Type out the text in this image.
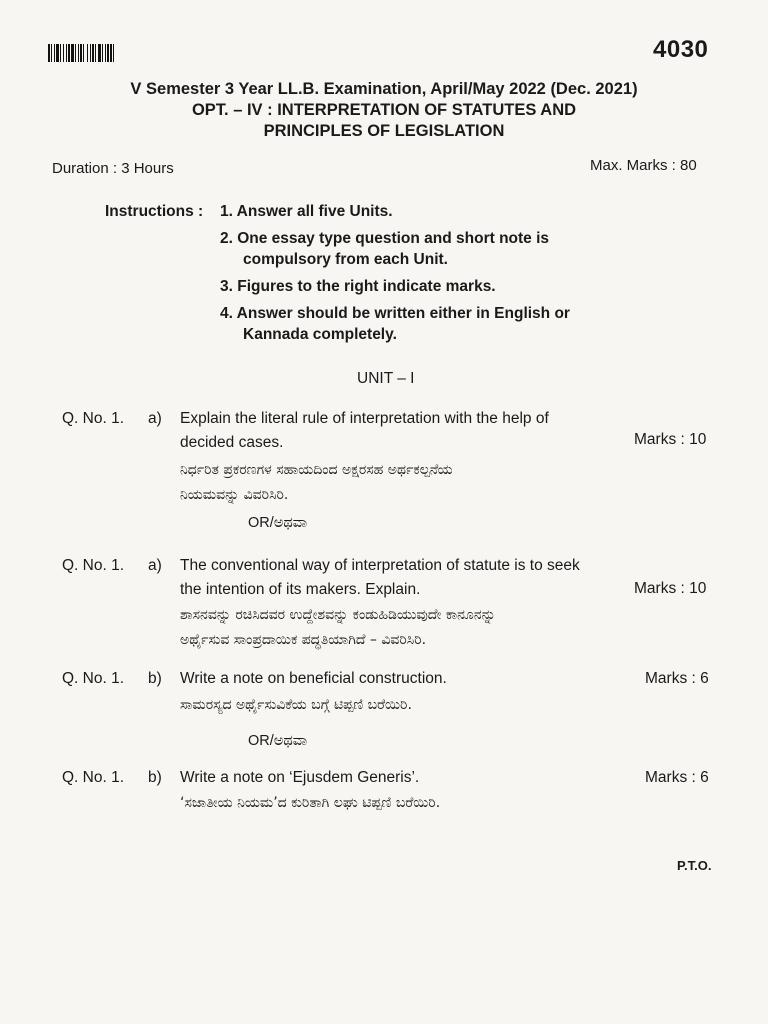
4030
V Semester 3 Year LL.B. Examination, April/May 2022 (Dec. 2021)
OPT. – IV : INTERPRETATION OF STATUTES AND
PRINCIPLES OF LEGISLATION
Duration : 3 Hours	Max. Marks : 80
Instructions : 1. Answer all five Units.
2. One essay type question and short note is
compulsory from each Unit.
3. Figures to the right indicate marks.
4. Answer should be written either in English or
Kannada completely.
UNIT – I
Q. No. 1. a) Explain the literal rule of interpretation with the help of
decided cases.	Marks : 10
ನಿರ್ಧರಿತ ಪ್ರಕರಣಗಳ ಸಹಾಯದಿಂದ ಅಕ್ಷರಸಹ ಅರ್ಥಕಲ್ಪನೆಯ
ನಿಯಮವನ್ನು ವಿವರಿಸಿರಿ.
OR/ಅಥವಾ
Q. No. 1. a) The conventional way of interpretation of statute is to seek
the intention of its makers. Explain.	Marks : 10
ಶಾಸನವನ್ನು ರಚಿಸಿದವರ ಉದ್ದೇಶವನ್ನು ಕಂಡುಹಿಡಿಯುವುದೇ ಕಾನೂನನ್ನು
ಅರ್ಥೈಸುವ ಸಾಂಪ್ರದಾಯಿಕ ಪದ್ಧತಿಯಾಗಿದೆ – ವಿವರಿಸಿರಿ.
Q. No. 1. b) Write a note on beneficial construction.	Marks : 6
ಸಾಮರಸ್ಯದ ಅರ್ಥೈಸುವಿಕೆಯ ಬಗ್ಗೆ ಟಿಪ್ಪಣಿ ಬರೆಯಿರಿ.
OR/ಅಥವಾ
Q. No. 1. b) Write a note on ‘Ejusdem Generis’.	Marks : 6
‘ಸಜಾತೀಯ ನಿಯಮ’ದ ಕುರಿತಾಗಿ ಲಘು ಟಿಪ್ಪಣಿ ಬರೆಯಿರಿ.
P.T.O.
